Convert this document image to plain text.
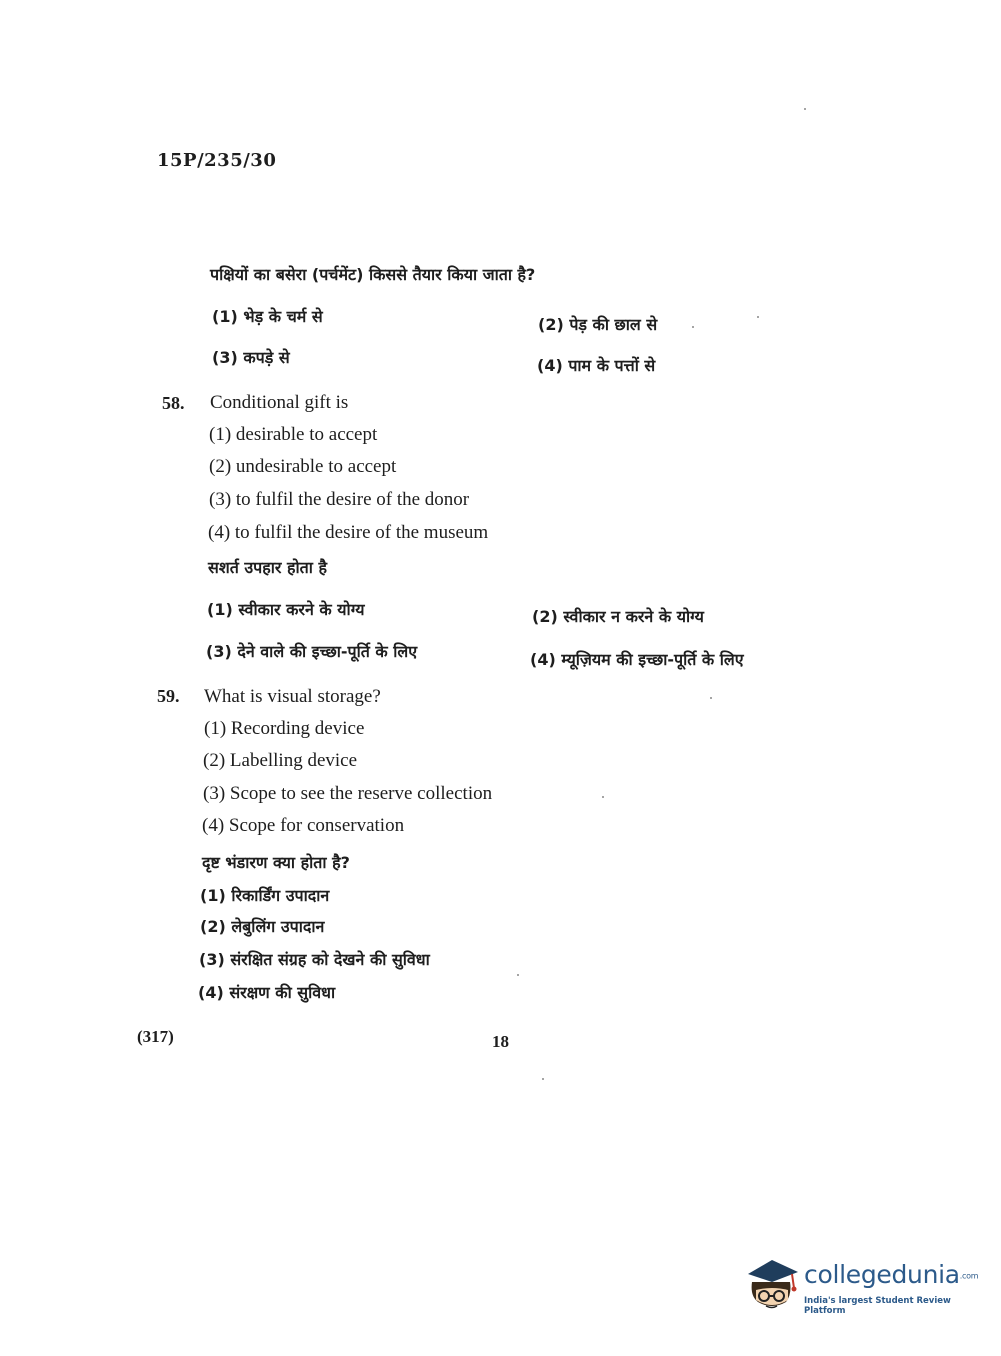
15P/235/30
पक्षियों का बसेरा (पर्चमेंट) किससे तैयार किया जाता है?
(1) भेड़ के चर्म से	(2) पेड़ की छाल से
(3) कपड़े से	(4) पाम के पत्तों से
58. Conditional gift is
(1) desirable to accept
(2) undesirable to accept
(3) to fulfil the desire of the donor
(4) to fulfil the desire of the museum
सशर्त उपहार होता है
(1) स्वीकार करने के योग्य	(2) स्वीकार न करने के योग्य
(3) देने वाले की इच्छा-पूर्ति के लिए	(4) म्यूज़ियम की इच्छा-पूर्ति के लिए
59. What is visual storage?
(1) Recording device
(2) Labelling device
(3) Scope to see the reserve collection
(4) Scope for conservation
दृष्ट भंडारण क्या होता है?
(1) रिकार्डिंग उपादान
(2) लेबुलिंग उपादान
(3) संरक्षित संग्रह को देखने की सुविधा
(4) संरक्षण की सुविधा
(317)	18
collegedunia.com
India's largest Student Review Platform
